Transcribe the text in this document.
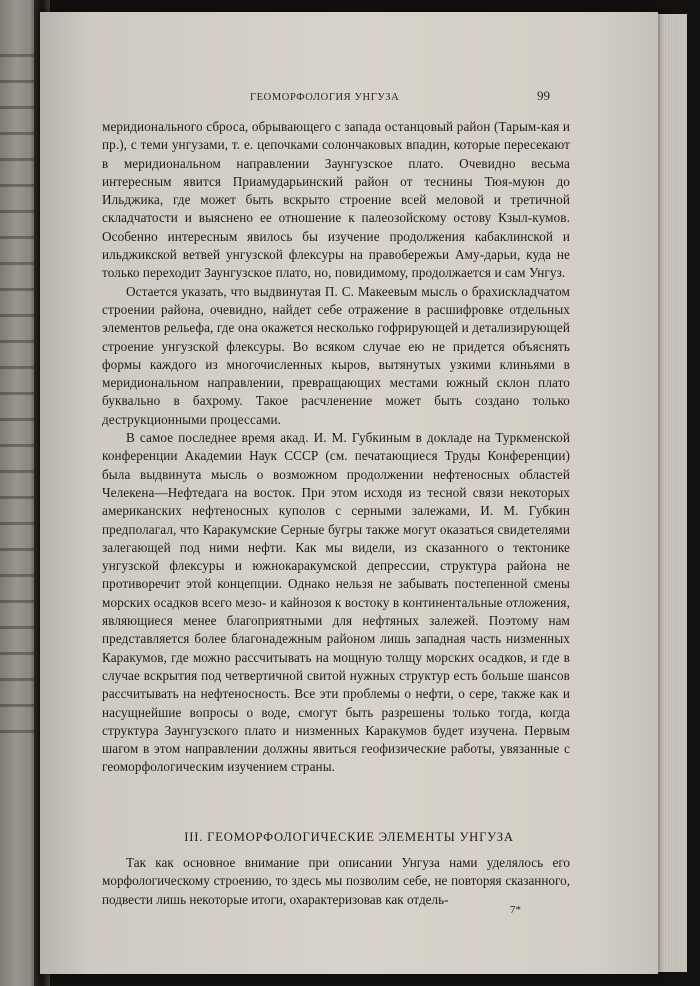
ГЕОМОРФОЛОГИЯ УНГУЗА	99

меридионального сброса, обрывающего с запада останцовый район (Тарым-кая и пр.), с теми унгузами, т. е. цепочками солончаковых впадин, которые пересекают в меридиональном направлении Заунгузское плато. Очевидно весьма интересным явится Приамударьинский район от теснины Тюя-муюн до Ильджика, где может быть вскрыто строение всей меловой и третичной складчатости и выяснено ее отношение к палеозойскому остову Кзыл-кумов. Особенно интересным явилось бы изучение продолжения кабаклинской и ильджикской ветвей унгузской флексуры на правобережьи Аму-дарьи, куда не только переходит Заунгузское плато, но, повидимому, продолжается и сам Унгуз.

Остается указать, что выдвинутая П. С. Макеевым мысль о брахискладчатом строении района, очевидно, найдет себе отражение в расшифровке отдельных элементов рельефа, где она окажется несколько гофрирующей и детализирующей строение унгузской флексуры. Во всяком случае ею не придется объяснять формы каждого из многочисленных кыров, вытянутых узкими клиньями в меридиональном направлении, превращающих местами южный склон плато буквально в бахрому. Такое расчленение может быть создано только деструкционными процессами.

В самое последнее время акад. И. М. Губкиным в докладе на Туркменской конференции Академии Наук СССР (см. печатающиеся Труды Конференции) была выдвинута мысль о возможном продолжении нефтеносных областей Челекена—Нефтедага на восток. При этом исходя из тесной связи некоторых американских нефтеносных куполов с серными залежами, И. М. Губкин предполагал, что Каракумские Серные бугры также могут оказаться свидетелями залегающей под ними нефти. Как мы видели, из сказанного о тектонике унгузской флексуры и южнокаракумской депрессии, структура района не противоречит этой концепции. Однако нельзя не забывать постепенной смены морских осадков всего мезо- и кайнозоя к востоку в континентальные отложения, являющиеся менее благоприятными для нефтяных залежей. Поэтому нам представляется более благонадежным районом лишь западная часть низменных Каракумов, где можно рассчитывать на мощную толщу морских осадков, и где в случае вскрытия под четвертичной свитой нужных структур есть больше шансов рассчитывать на нефтеносность. Все эти проблемы о нефти, о сере, также как и насущнейшие вопросы о воде, смогут быть разрешены только тогда, когда структура Заунгузского плато и низменных Каракумов будет изучена. Первым шагом в этом направлении должны явиться геофизические работы, увязанные с геоморфологическим изучением страны.

III. ГЕОМОРФОЛОГИЧЕСКИЕ ЭЛЕМЕНТЫ УНГУЗА

Так как основное внимание при описании Унгуза нами уделялось его морфологическому строению, то здесь мы позволим себе, не повторяя сказанного, подвести лишь некоторые итоги, охарактеризовав как отдель-

7*
